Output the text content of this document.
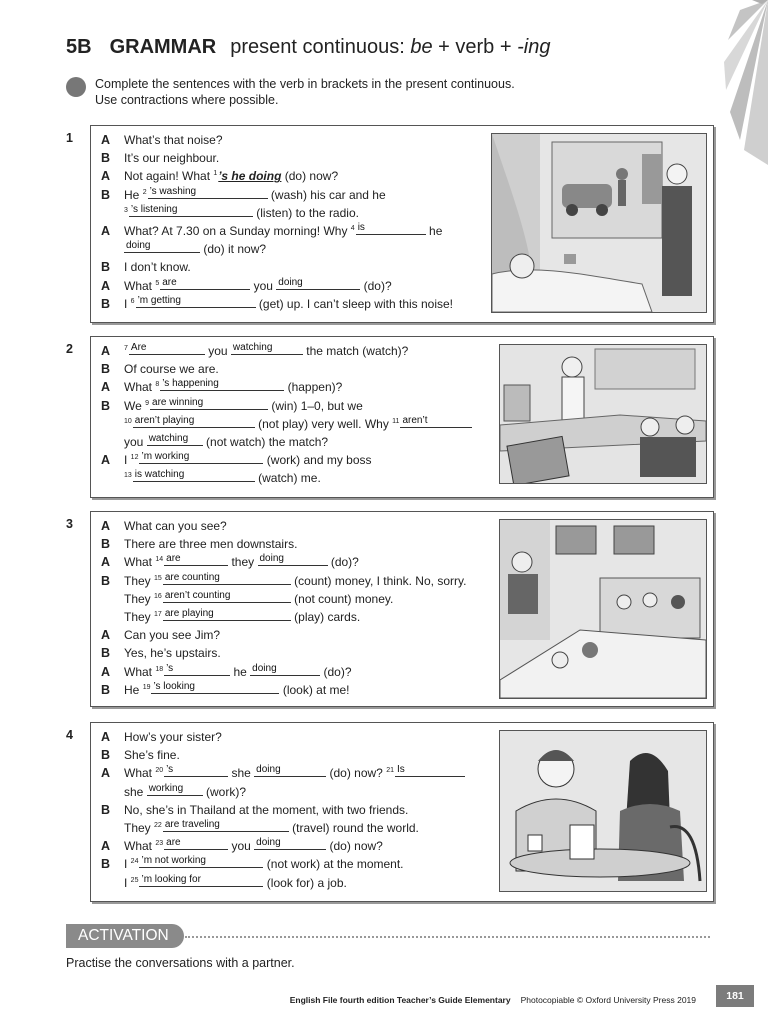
5B GRAMMAR present continuous: be + verb + -ing
Complete the sentences with the verb in brackets in the present continuous.
Use contractions where possible.
1 A What’s that noise?
B It’s our neighbour.
A Not again! What $^1$’s he doing (do) now?
B He $^2$ ’s washing	(wash) his car and he
$^3$ ’s listening	(listen) to the radio.
A What? At 7.30 on a Sunday morning! Why $^4$ is	he
doing	(do) it now?
B I don’t know.
A What $^5$ are	you doing	(do)?
B I $^6$ ’m getting	(get) up. I can’t sleep with this noise!
2 A $^7$ Are	you watching	the match (watch)?
B Of course we are.
A What $^8$ ’s happening	(happen)?
B We $^9$ are winning	(win) 1–0, but we
$^{10}$ aren’t playing	(not play) very well. Why $^{11}$ aren’t
you watching (not watch) the match?
A I $^{12}$ ’m working	(work) and my boss
$^{13}$ is watching	(watch) me.
3 A What can you see?
B There are three men downstairs.
A What $^{14}$ are	they doing	(do)?
B They $^{15}$ are counting	(count) money, I think. No, sorry.
They $^{16}$ aren’t counting	(not count) money.
They $^{17}$ are playing	(play) cards.
A Can you see Jim?
B Yes, he’s upstairs.
A What $^{18}$ ’s	he doing	(do)?
B He $^{19}$ ’s looking	(look) at me!
4 A How’s your sister?
B She’s fine.
A What $^{20}$ ’s	she doing	(do) now? $^{21}$ Is
she working (work)?
B No, she’s in Thailand at the moment, with two friends.
They $^{22}$ are traveling	(travel) round the world.
A What $^{23}$ are	you doing	(do) now?
B I $^{24}$ ’m not working	(not work) at the moment.
I $^{25}$ ’m looking for	(look for) a job.
ACTIVATION
Practise the conversations with a partner.
English File fourth edition Teacher’s Guide Elementary Photocopiable © Oxford University Press 2019	181
